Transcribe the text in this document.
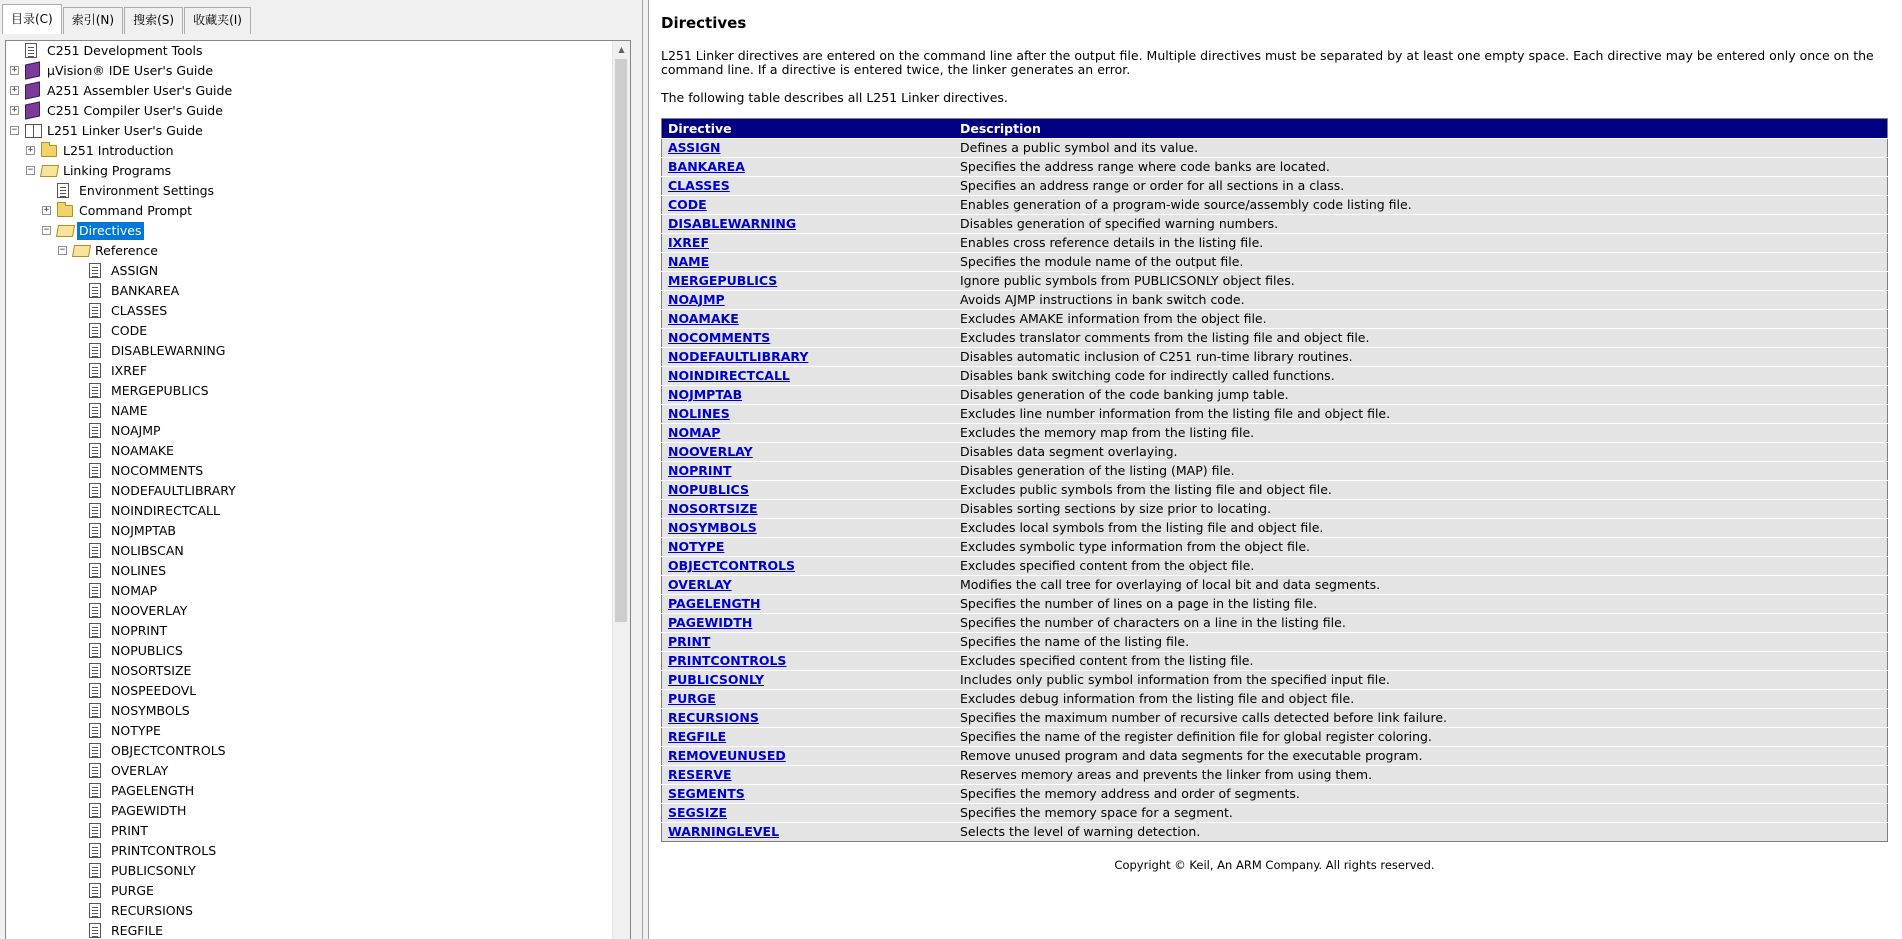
目录(C)	索引(N)	搜索(S)	收藏夹(I)
C251 Development Tools
+ µVision® IDE User's Guide
+ A251 Assembler User's Guide
+ C251 Compiler User's Guide
− L251 Linker User's Guide
+ L251 Introduction
− Linking Programs
Environment Settings
+ Command Prompt
− Directives
− Reference
ASSIGN
BANKAREA
CLASSES
CODE
DISABLEWARNING
IXREF
MERGEPUBLICS
NAME
NOAJMP
NOAMAKE
NOCOMMENTS
NODEFAULTLIBRARY
NOINDIRECTCALL
NOJMPTAB
NOLIBSCAN
NOLINES
NOMAP
NOOVERLAY
NOPRINT
NOPUBLICS
NOSORTSIZE
NOSPEEDOVL
NOSYMBOLS
NOTYPE
OBJECTCONTROLS
OVERLAY
PAGELENGTH
PAGEWIDTH
PRINT
PRINTCONTROLS
PUBLICSONLY
PURGE
RECURSIONS
REGFILE
▲
Directives

L251 Linker directives are entered on the command line after the output file. Multiple directives must be separated by at least one empty space. Each directive may be entered only once on the command line. If a directive is entered twice, the linker generates an error.

The following table describes all L251 Linker directives.

Directive	Description
ASSIGN	Defines a public symbol and its value.
BANKAREA	Specifies the address range where code banks are located.
CLASSES	Specifies an address range or order for all sections in a class.
CODE	Enables generation of a program-wide source/assembly code listing file.
DISABLEWARNING	Disables generation of specified warning numbers.
IXREF	Enables cross reference details in the listing file.
NAME	Specifies the module name of the output file.
MERGEPUBLICS	Ignore public symbols from PUBLICSONLY object files.
NOAJMP	Avoids AJMP instructions in bank switch code.
NOAMAKE	Excludes AMAKE information from the object file.
NOCOMMENTS	Excludes translator comments from the listing file and object file.
NODEFAULTLIBRARY	Disables automatic inclusion of C251 run-time library routines.
NOINDIRECTCALL	Disables bank switching code for indirectly called functions.
NOJMPTAB	Disables generation of the code banking jump table.
NOLINES	Excludes line number information from the listing file and object file.
NOMAP	Excludes the memory map from the listing file.
NOOVERLAY	Disables data segment overlaying.
NOPRINT	Disables generation of the listing (MAP) file.
NOPUBLICS	Excludes public symbols from the listing file and object file.
NOSORTSIZE	Disables sorting sections by size prior to locating.
NOSYMBOLS	Excludes local symbols from the listing file and object file.
NOTYPE	Excludes symbolic type information from the object file.
OBJECTCONTROLS	Excludes specified content from the object file.
OVERLAY	Modifies the call tree for overlaying of local bit and data segments.
PAGELENGTH	Specifies the number of lines on a page in the listing file.
PAGEWIDTH	Specifies the number of characters on a line in the listing file.
PRINT	Specifies the name of the listing file.
PRINTCONTROLS	Excludes specified content from the listing file.
PUBLICSONLY	Includes only public symbol information from the specified input file.
PURGE	Excludes debug information from the listing file and object file.
RECURSIONS	Specifies the maximum number of recursive calls detected before link failure.
REGFILE	Specifies the name of the register definition file for global register coloring.
REMOVEUNUSED	Remove unused program and data segments for the executable program.
RESERVE	Reserves memory areas and prevents the linker from using them.
SEGMENTS	Specifies the memory address and order of segments.
SEGSIZE	Specifies the memory space for a segment.
WARNINGLEVEL	Selects the level of warning detection.
Copyright © Keil, An ARM Company. All rights reserved.
